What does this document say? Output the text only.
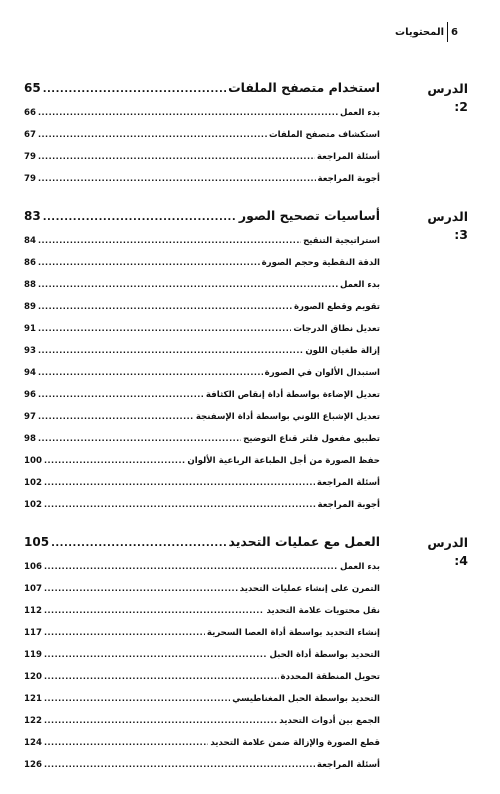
6
المحتويات
الدرس 2:
استخدام متصفح الملفات
.....
65
بدء العمل
.....
66
استكشاف متصفح الملفات
.....
67
أسئلة المراجعة
.....
79
أجوبة المراجعة
.....
79
الدرس 3:
أساسيات تصحيح الصور
.....
83
استراتيجية التنقيح
.....
84
الدقة النقطية وحجم الصورة
.....
86
بدء العمل
.....
88
تقويم وقطع الصورة
.....
89
تعديل نطاق الدرجات
.....
91
إزالة طغيان اللون
.....
93
استبدال الألوان في الصورة
.....
94
تعديل الإضاءة بواسطة أداة إنقاص الكثافة
.....
96
تعديل الإشباع اللوني بواسطة أداة الإسفنجة
.....
97
تطبيق مفعول فلتر قناع التوضيح
.....
98
حفظ الصورة من أجل الطباعة الرباعية الألوان
.....
100
أسئلة المراجعة
.....
102
أجوبة المراجعة
.....
102
الدرس 4:
العمل مع عمليات التحديد
.....
105
بدء العمل
.....
106
التمرن على إنشاء عمليات التحديد
.....
107
نقل محتويات علامة التحديد
.....
112
إنشاء التحديد بواسطة أداة العصا السحرية
.....
117
التحديد بواسطة أداة الحبل
.....
119
تحويل المنطقة المحددة
.....
120
التحديد بواسطة الحبل المغناطيسي
.....
121
الجمع بين أدوات التحديد
.....
122
قطع الصورة والإزالة ضمن علامة التحديد
.....
124
أسئلة المراجعة
.....
126
